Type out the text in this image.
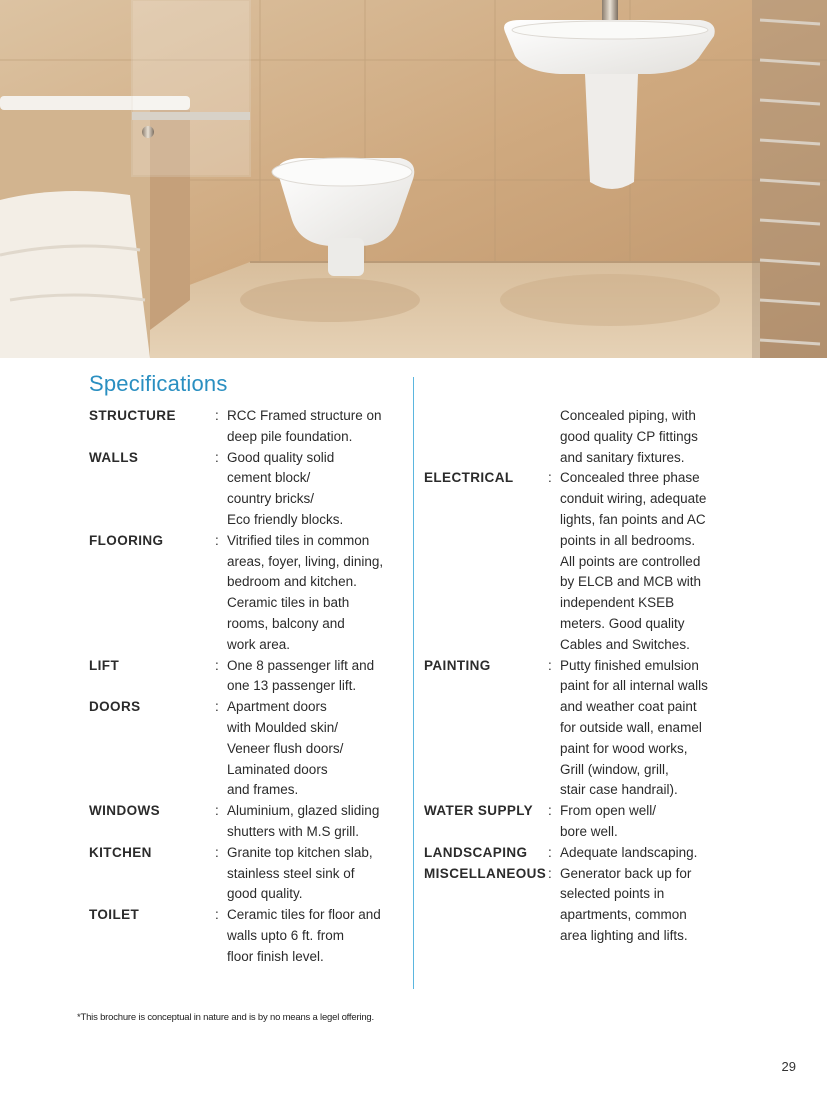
Specifications
STRUCTURE	: RCC Framed structure on
deep pile foundation.
WALLS	: Good quality solid
cement block/
country bricks/
Eco friendly blocks.
FLOORING	: Vitrified tiles in common
areas, foyer, living, dining,
bedroom and kitchen.
Ceramic tiles in bath
rooms, balcony and
work area.
LIFT	: One 8 passenger lift and
one 13 passenger lift.
DOORS	: Apartment doors
with Moulded skin/
Veneer flush doors/
Laminated doors
and frames.
WINDOWS	: Aluminium, glazed sliding
shutters with M.S grill.
KITCHEN	: Granite top kitchen slab,
stainless steel sink of
good quality.
TOILET	: Ceramic tiles for floor and
walls upto 6 ft. from
floor finish level.
Concealed piping, with
good quality CP fittings
and sanitary fixtures.
ELECTRICAL	: Concealed three phase
conduit wiring, adequate
lights, fan points and AC
points in all bedrooms.
All points are controlled
by ELCB and MCB with
independent KSEB
meters. Good quality
Cables and Switches.
PAINTING	: Putty finished emulsion
paint for all internal walls
and weather coat paint
for outside wall, enamel
paint for wood works,
Grill (window, grill,
stair case handrail).
WATER SUPPLY	: From open well/
bore well.
LANDSCAPING	: Adequate landscaping.
MISCELLANEOUS : Generator back up for
selected points in
apartments, common
area lighting and lifts.
*This brochure is conceptual in nature and is by no means a legel offering.
29
